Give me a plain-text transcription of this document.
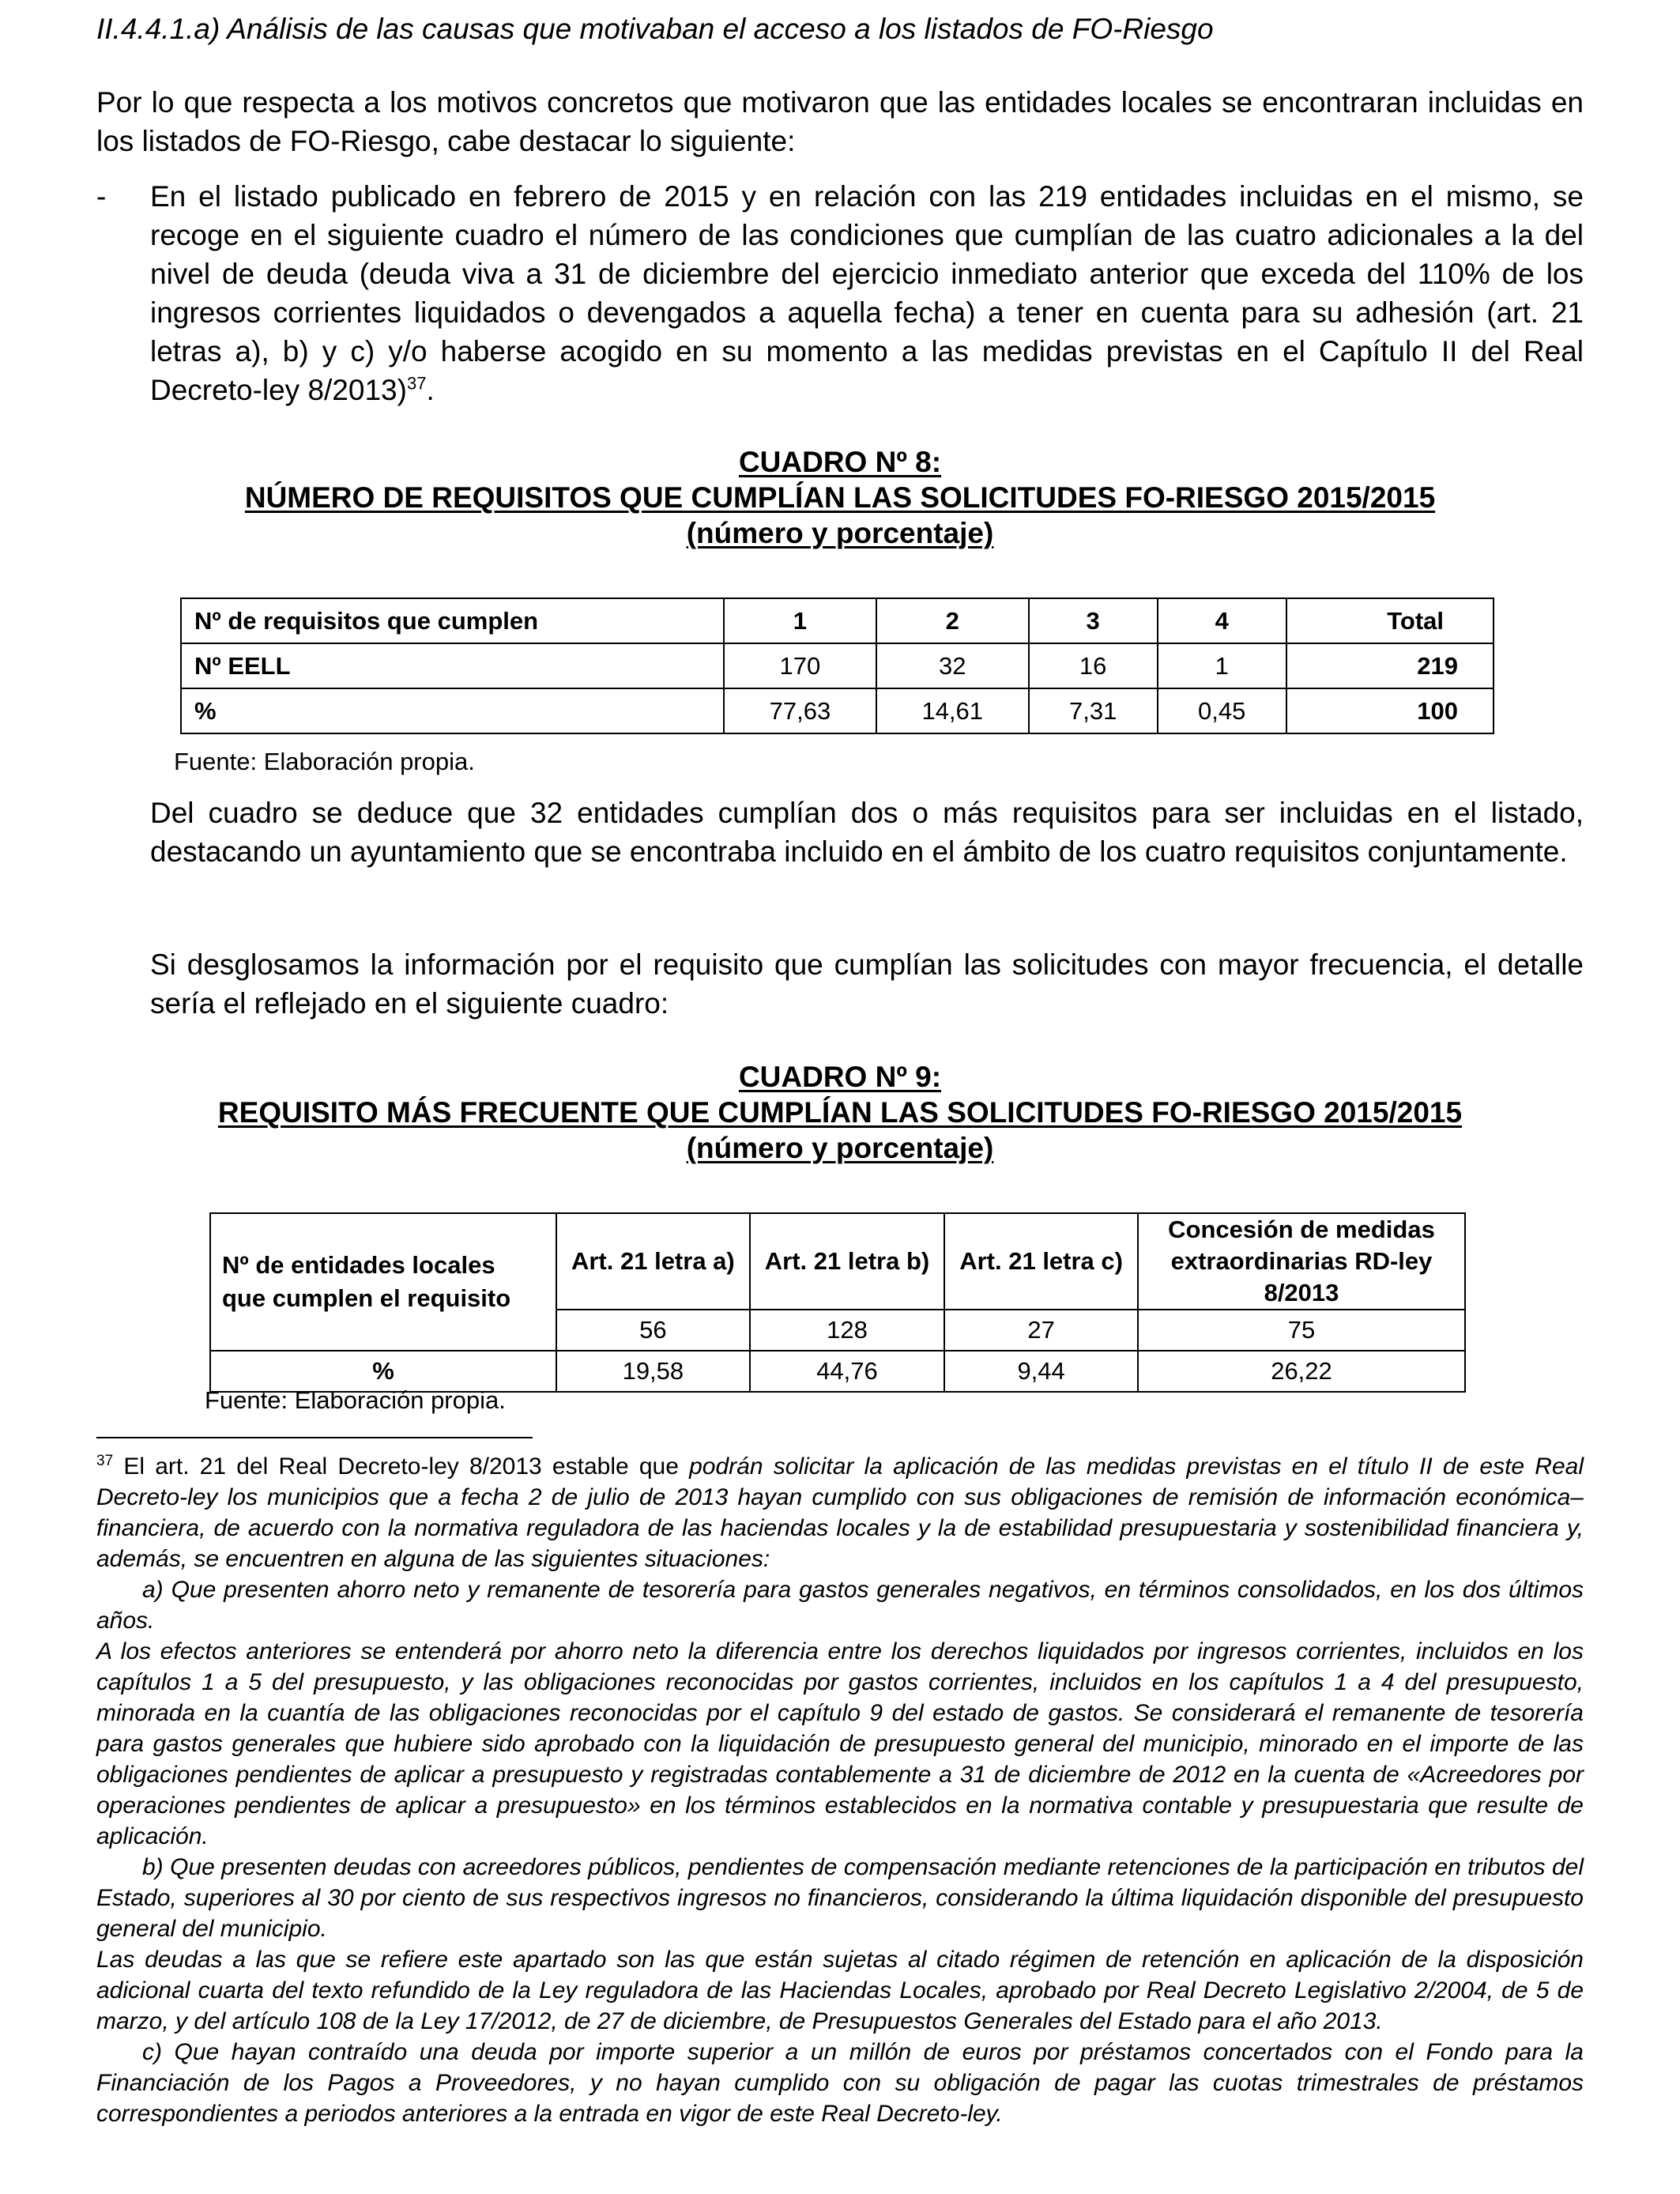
II.4.4.1.a) Análisis de las causas que motivaban el acceso a los listados de FO-Riesgo
Por lo que respecta a los motivos concretos que motivaron que las entidades locales se encontraran incluidas en los listados de FO-Riesgo, cabe destacar lo siguiente:
- En el listado publicado en febrero de 2015 y en relación con las 219 entidades incluidas en el mismo, se recoge en el siguiente cuadro el número de las condiciones que cumplían de las cuatro adicionales a la del nivel de deuda (deuda viva a 31 de diciembre del ejercicio inmediato anterior que exceda del 110% de los ingresos corrientes liquidados o devengados a aquella fecha) a tener en cuenta para su adhesión (art. 21 letras a), b) y c) y/o haberse acogido en su momento a las medidas previstas en el Capítulo II del Real Decreto-ley 8/2013)$^{37}$.
CUADRO Nº 8:
NÚMERO DE REQUISITOS QUE CUMPLÍAN LAS SOLICITUDES FO-RIESGO 2015/2015
(número y porcentaje)
Nº de requisitos que cumplen	1	2	3	4	Total
Nº EELL	170	32	16	1	219
%	77,63	14,61	7,31	0,45	100
Fuente: Elaboración propia.
Del cuadro se deduce que 32 entidades cumplían dos o más requisitos para ser incluidas en el listado, destacando un ayuntamiento que se encontraba incluido en el ámbito de los cuatro requisitos conjuntamente.
Si desglosamos la información por el requisito que cumplían las solicitudes con mayor frecuencia, el detalle sería el reflejado en el siguiente cuadro:
CUADRO Nº 9:
REQUISITO MÁS FRECUENTE QUE CUMPLÍAN LAS SOLICITUDES FO-RIESGO 2015/2015
(número y porcentaje)
Nº de entidades locales que cumplen el requisito	Art. 21 letra a)	Art. 21 letra b)	Art. 21 letra c)	Concesión de medidas extraordinarias RD-ley 8/2013
	56	128	27	75
%	19,58	44,76	9,44	26,22
Fuente: Elaboración propia.

$^{37}$ El art. 21 del Real Decreto-ley 8/2013 estable que podrán solicitar la aplicación de las medidas previstas en el título II de este Real Decreto-ley los municipios que a fecha 2 de julio de 2013 hayan cumplido con sus obligaciones de remisión de información económica– financiera, de acuerdo con la normativa reguladora de las haciendas locales y la de estabilidad presupuestaria y sostenibilidad financiera y, además, se encuentren en alguna de las siguientes situaciones:

a) Que presenten ahorro neto y remanente de tesorería para gastos generales negativos, en términos consolidados, en los dos últimos años.

A los efectos anteriores se entenderá por ahorro neto la diferencia entre los derechos liquidados por ingresos corrientes, incluidos en los capítulos 1 a 5 del presupuesto, y las obligaciones reconocidas por gastos corrientes, incluidos en los capítulos 1 a 4 del presupuesto, minorada en la cuantía de las obligaciones reconocidas por el capítulo 9 del estado de gastos. Se considerará el remanente de tesorería para gastos generales que hubiere sido aprobado con la liquidación de presupuesto general del municipio, minorado en el importe de las obligaciones pendientes de aplicar a presupuesto y registradas contablemente a 31 de diciembre de 2012 en la cuenta de «Acreedores por operaciones pendientes de aplicar a presupuesto» en los términos establecidos en la normativa contable y presupuestaria que resulte de aplicación.

b) Que presenten deudas con acreedores públicos, pendientes de compensación mediante retenciones de la participación en tributos del Estado, superiores al 30 por ciento de sus respectivos ingresos no financieros, considerando la última liquidación disponible del presupuesto general del municipio.

Las deudas a las que se refiere este apartado son las que están sujetas al citado régimen de retención en aplicación de la disposición adicional cuarta del texto refundido de la Ley reguladora de las Haciendas Locales, aprobado por Real Decreto Legislativo 2/2004, de 5 de marzo, y del artículo 108 de la Ley 17/2012, de 27 de diciembre, de Presupuestos Generales del Estado para el año 2013.

c) Que hayan contraído una deuda por importe superior a un millón de euros por préstamos concertados con el Fondo para la Financiación de los Pagos a Proveedores, y no hayan cumplido con su obligación de pagar las cuotas trimestrales de préstamos correspondientes a periodos anteriores a la entrada en vigor de este Real Decreto-ley.
